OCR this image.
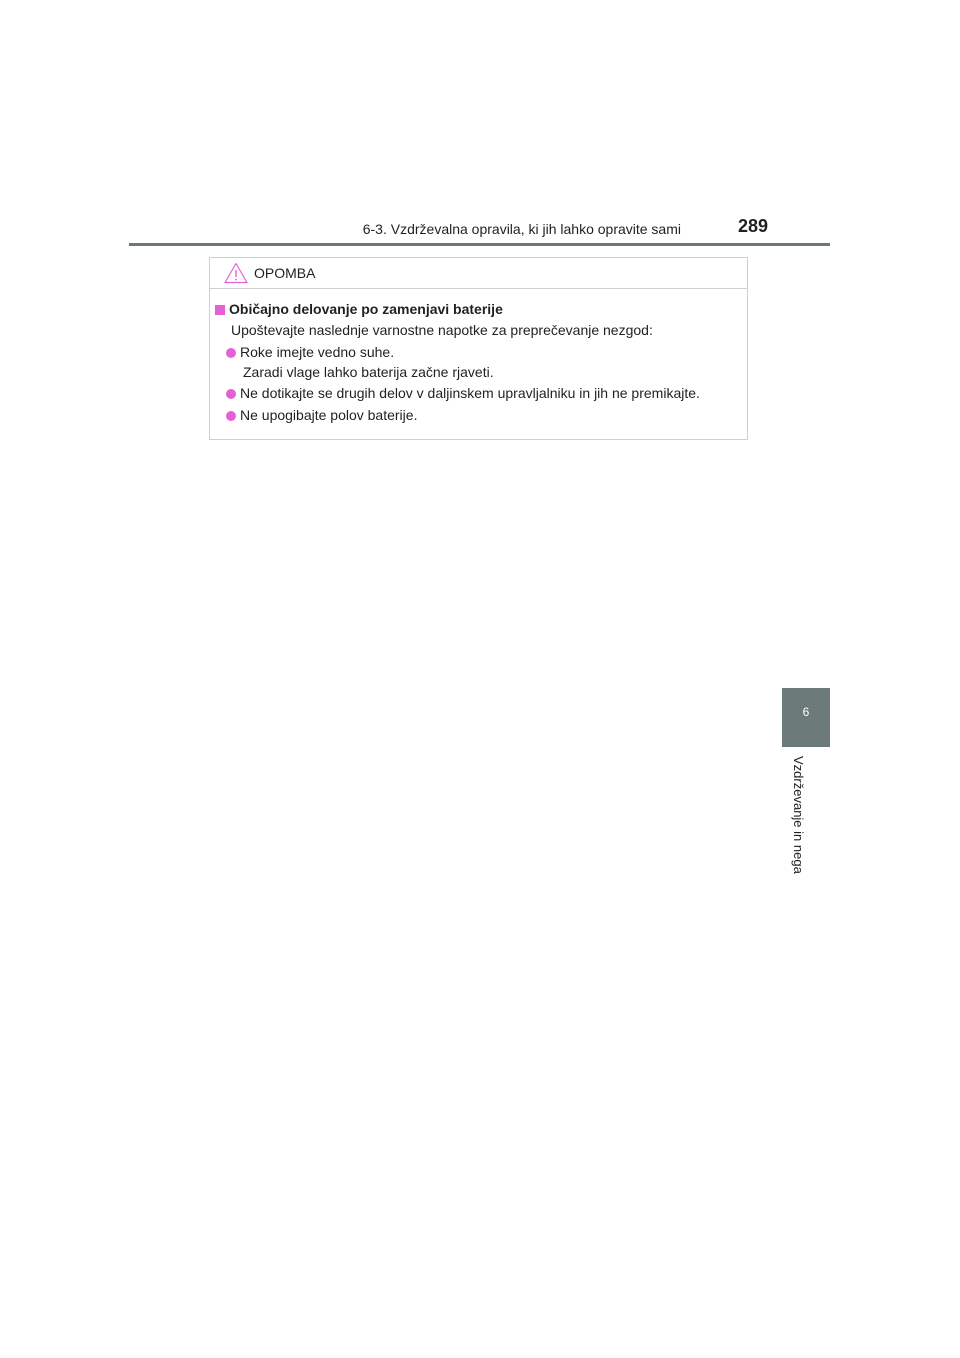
6-3. Vzdrževalna opravila, ki jih lahko opravite sami	289
6
Vzdrževanje in nega
OPOMBA
Običajno delovanje po zamenjavi baterije
Upoštevajte naslednje varnostne napotke za preprečevanje nezgod:
Roke imejte vedno suhe.
Zaradi vlage lahko baterija začne rjaveti.
Ne dotikajte se drugih delov v daljinskem upravljalniku in jih ne premikajte.
Ne upogibajte polov baterije.
